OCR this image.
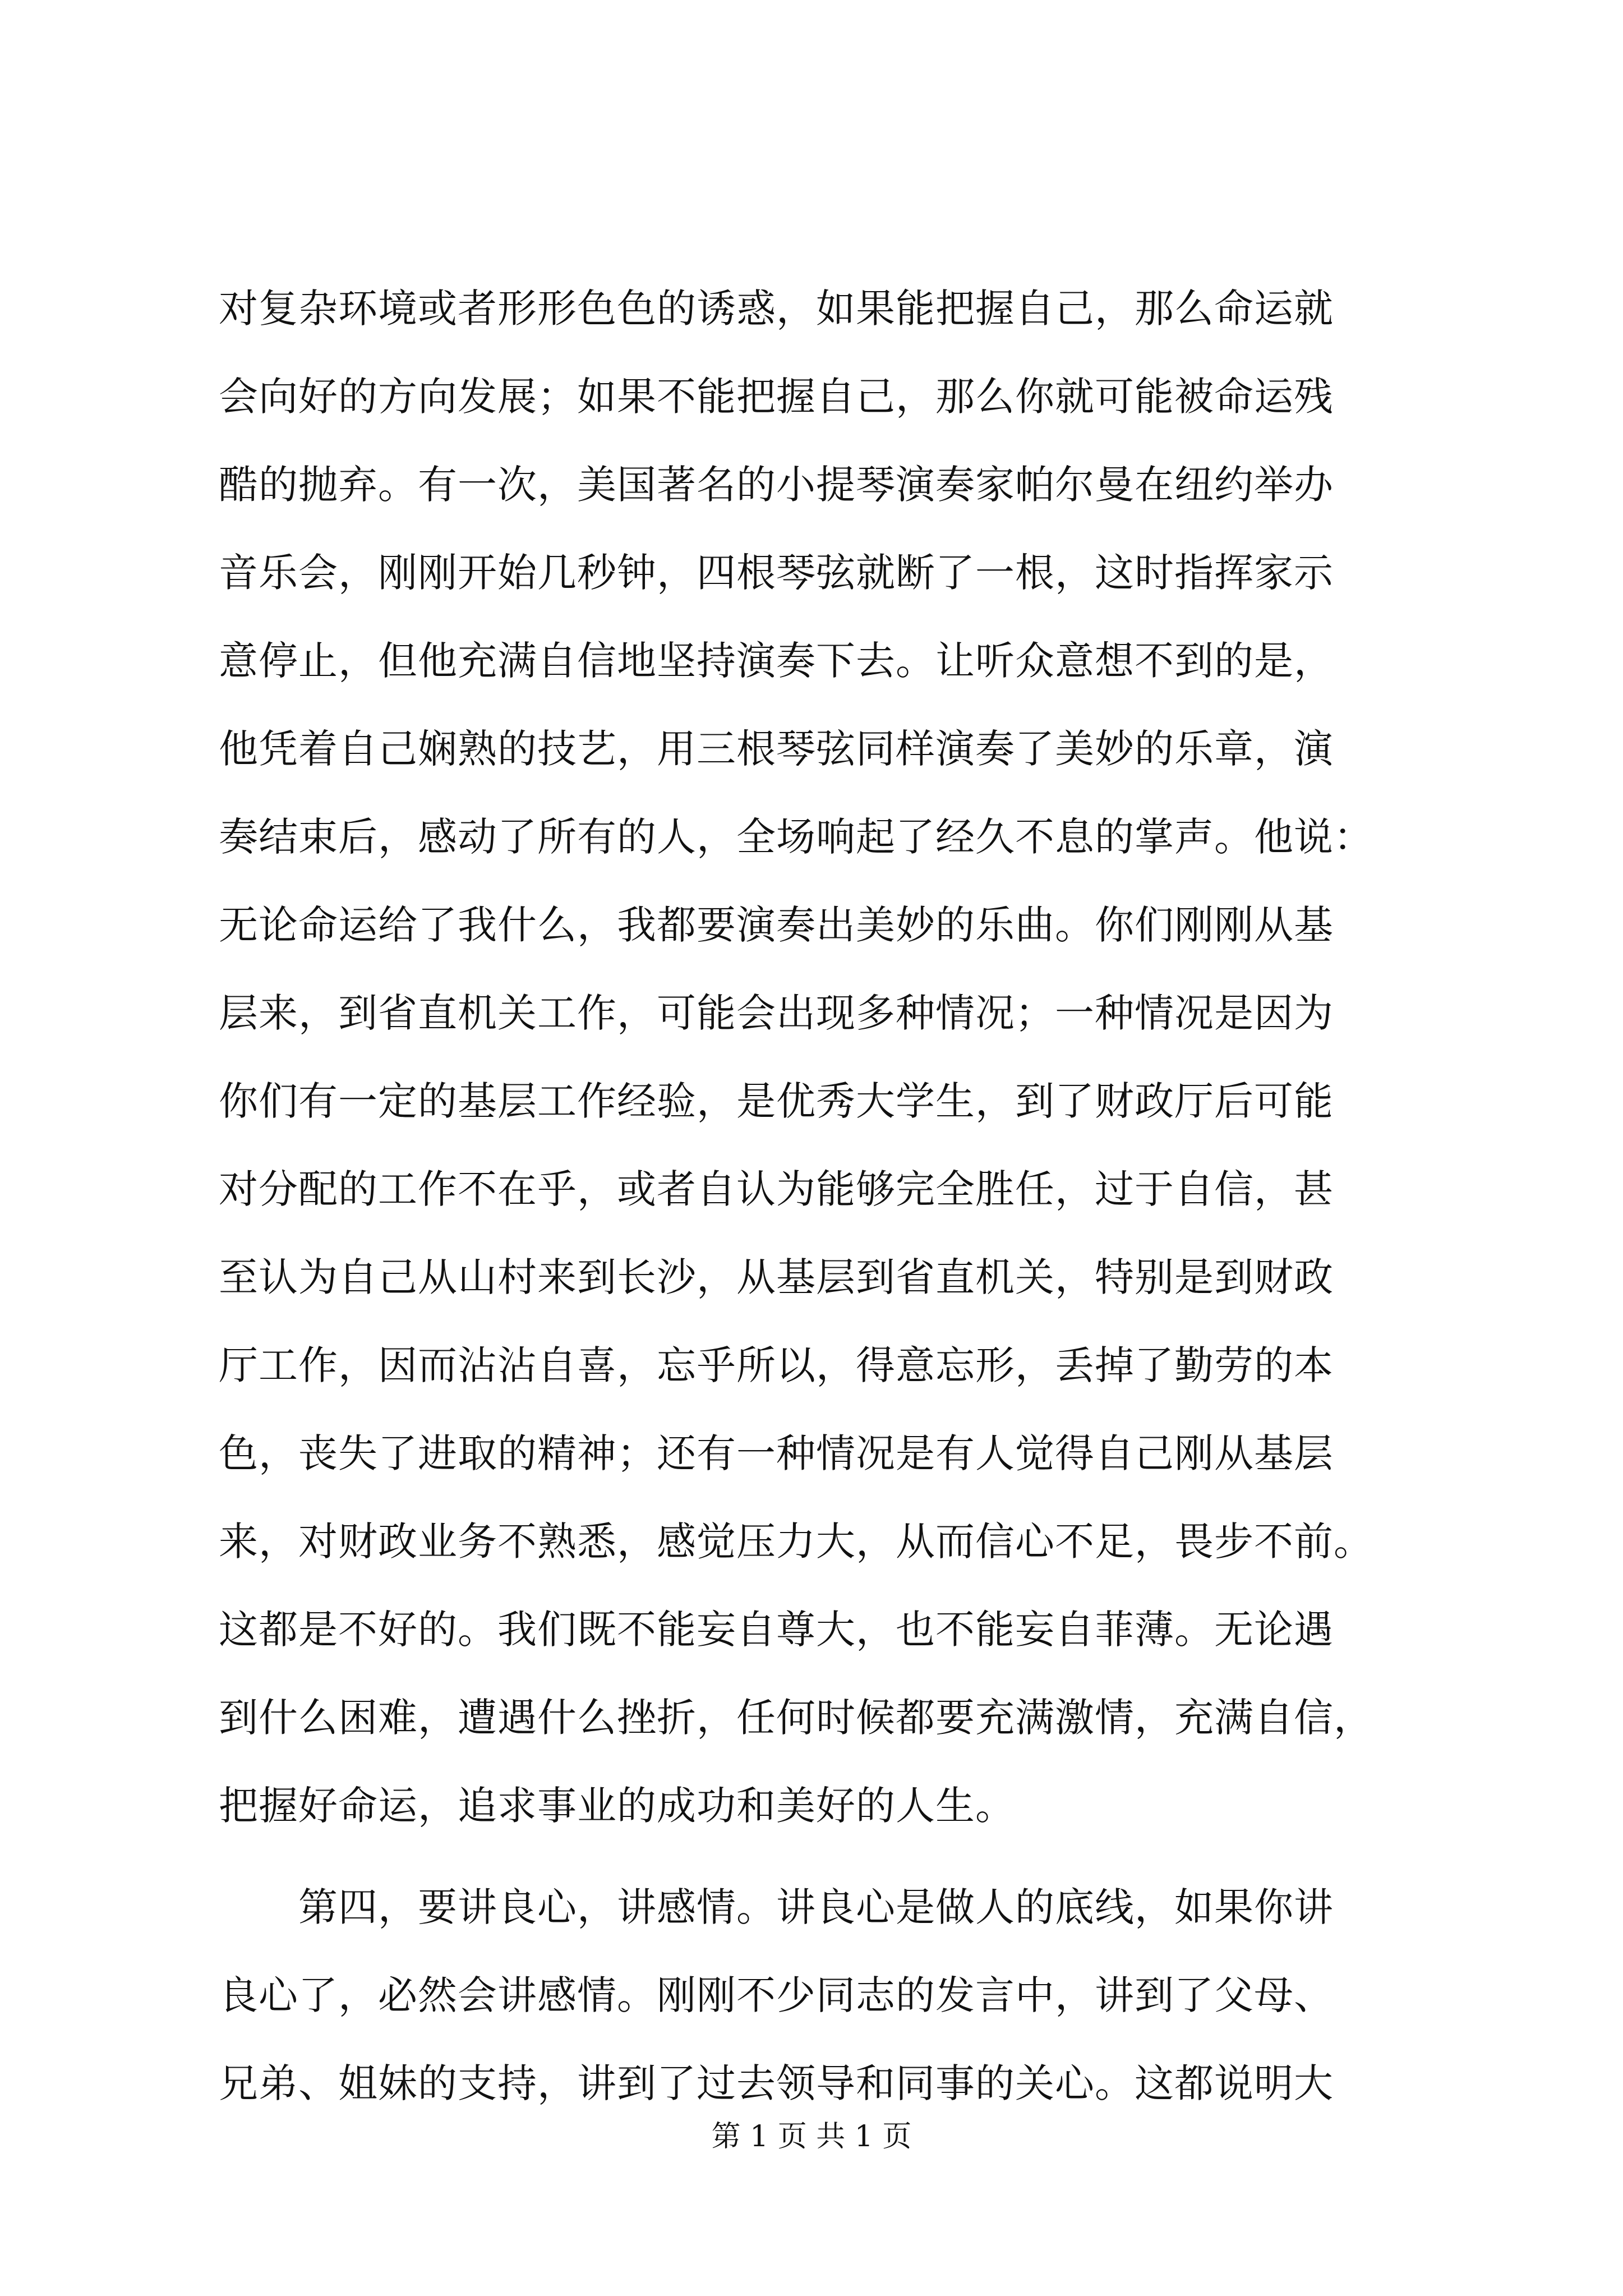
对复杂环境或者形形色色的诱惑，如果能把握自己，那么命运就
会向好的方向发展；如果不能把握自己，那么你就可能被命运残
酷的抛弃。有一次，美国著名的小提琴演奏家帕尔曼在纽约举办
音乐会，刚刚开始几秒钟，四根琴弦就断了一根，这时指挥家示
意停止，但他充满自信地坚持演奏下去。让听众意想不到的是，
他凭着自己娴熟的技艺，用三根琴弦同样演奏了美妙的乐章，演
奏结束后，感动了所有的人，全场响起了经久不息的掌声。他说：
无论命运给了我什么，我都要演奏出美妙的乐曲。你们刚刚从基
层来，到省直机关工作，可能会出现多种情况；一种情况是因为
你们有一定的基层工作经验，是优秀大学生，到了财政厅后可能
对分配的工作不在乎，或者自认为能够完全胜任，过于自信，甚
至认为自己从山村来到长沙，从基层到省直机关，特别是到财政
厅工作，因而沾沾自喜，忘乎所以，得意忘形，丢掉了勤劳的本
色，丧失了进取的精神；还有一种情况是有人觉得自己刚从基层
来，对财政业务不熟悉，感觉压力大，从而信心不足，畏步不前。
这都是不好的。我们既不能妄自尊大，也不能妄自菲薄。无论遇
到什么困难，遭遇什么挫折，任何时候都要充满激情，充满自信，
把握好命运，追求事业的成功和美好的人生。
　　第四，要讲良心，讲感情。讲良心是做人的底线，如果你讲
良心了，必然会讲感情。刚刚不少同志的发言中，讲到了父母、
兄弟、姐妹的支持，讲到了过去领导和同事的关心。这都说明大
第 1 页 共 1 页
